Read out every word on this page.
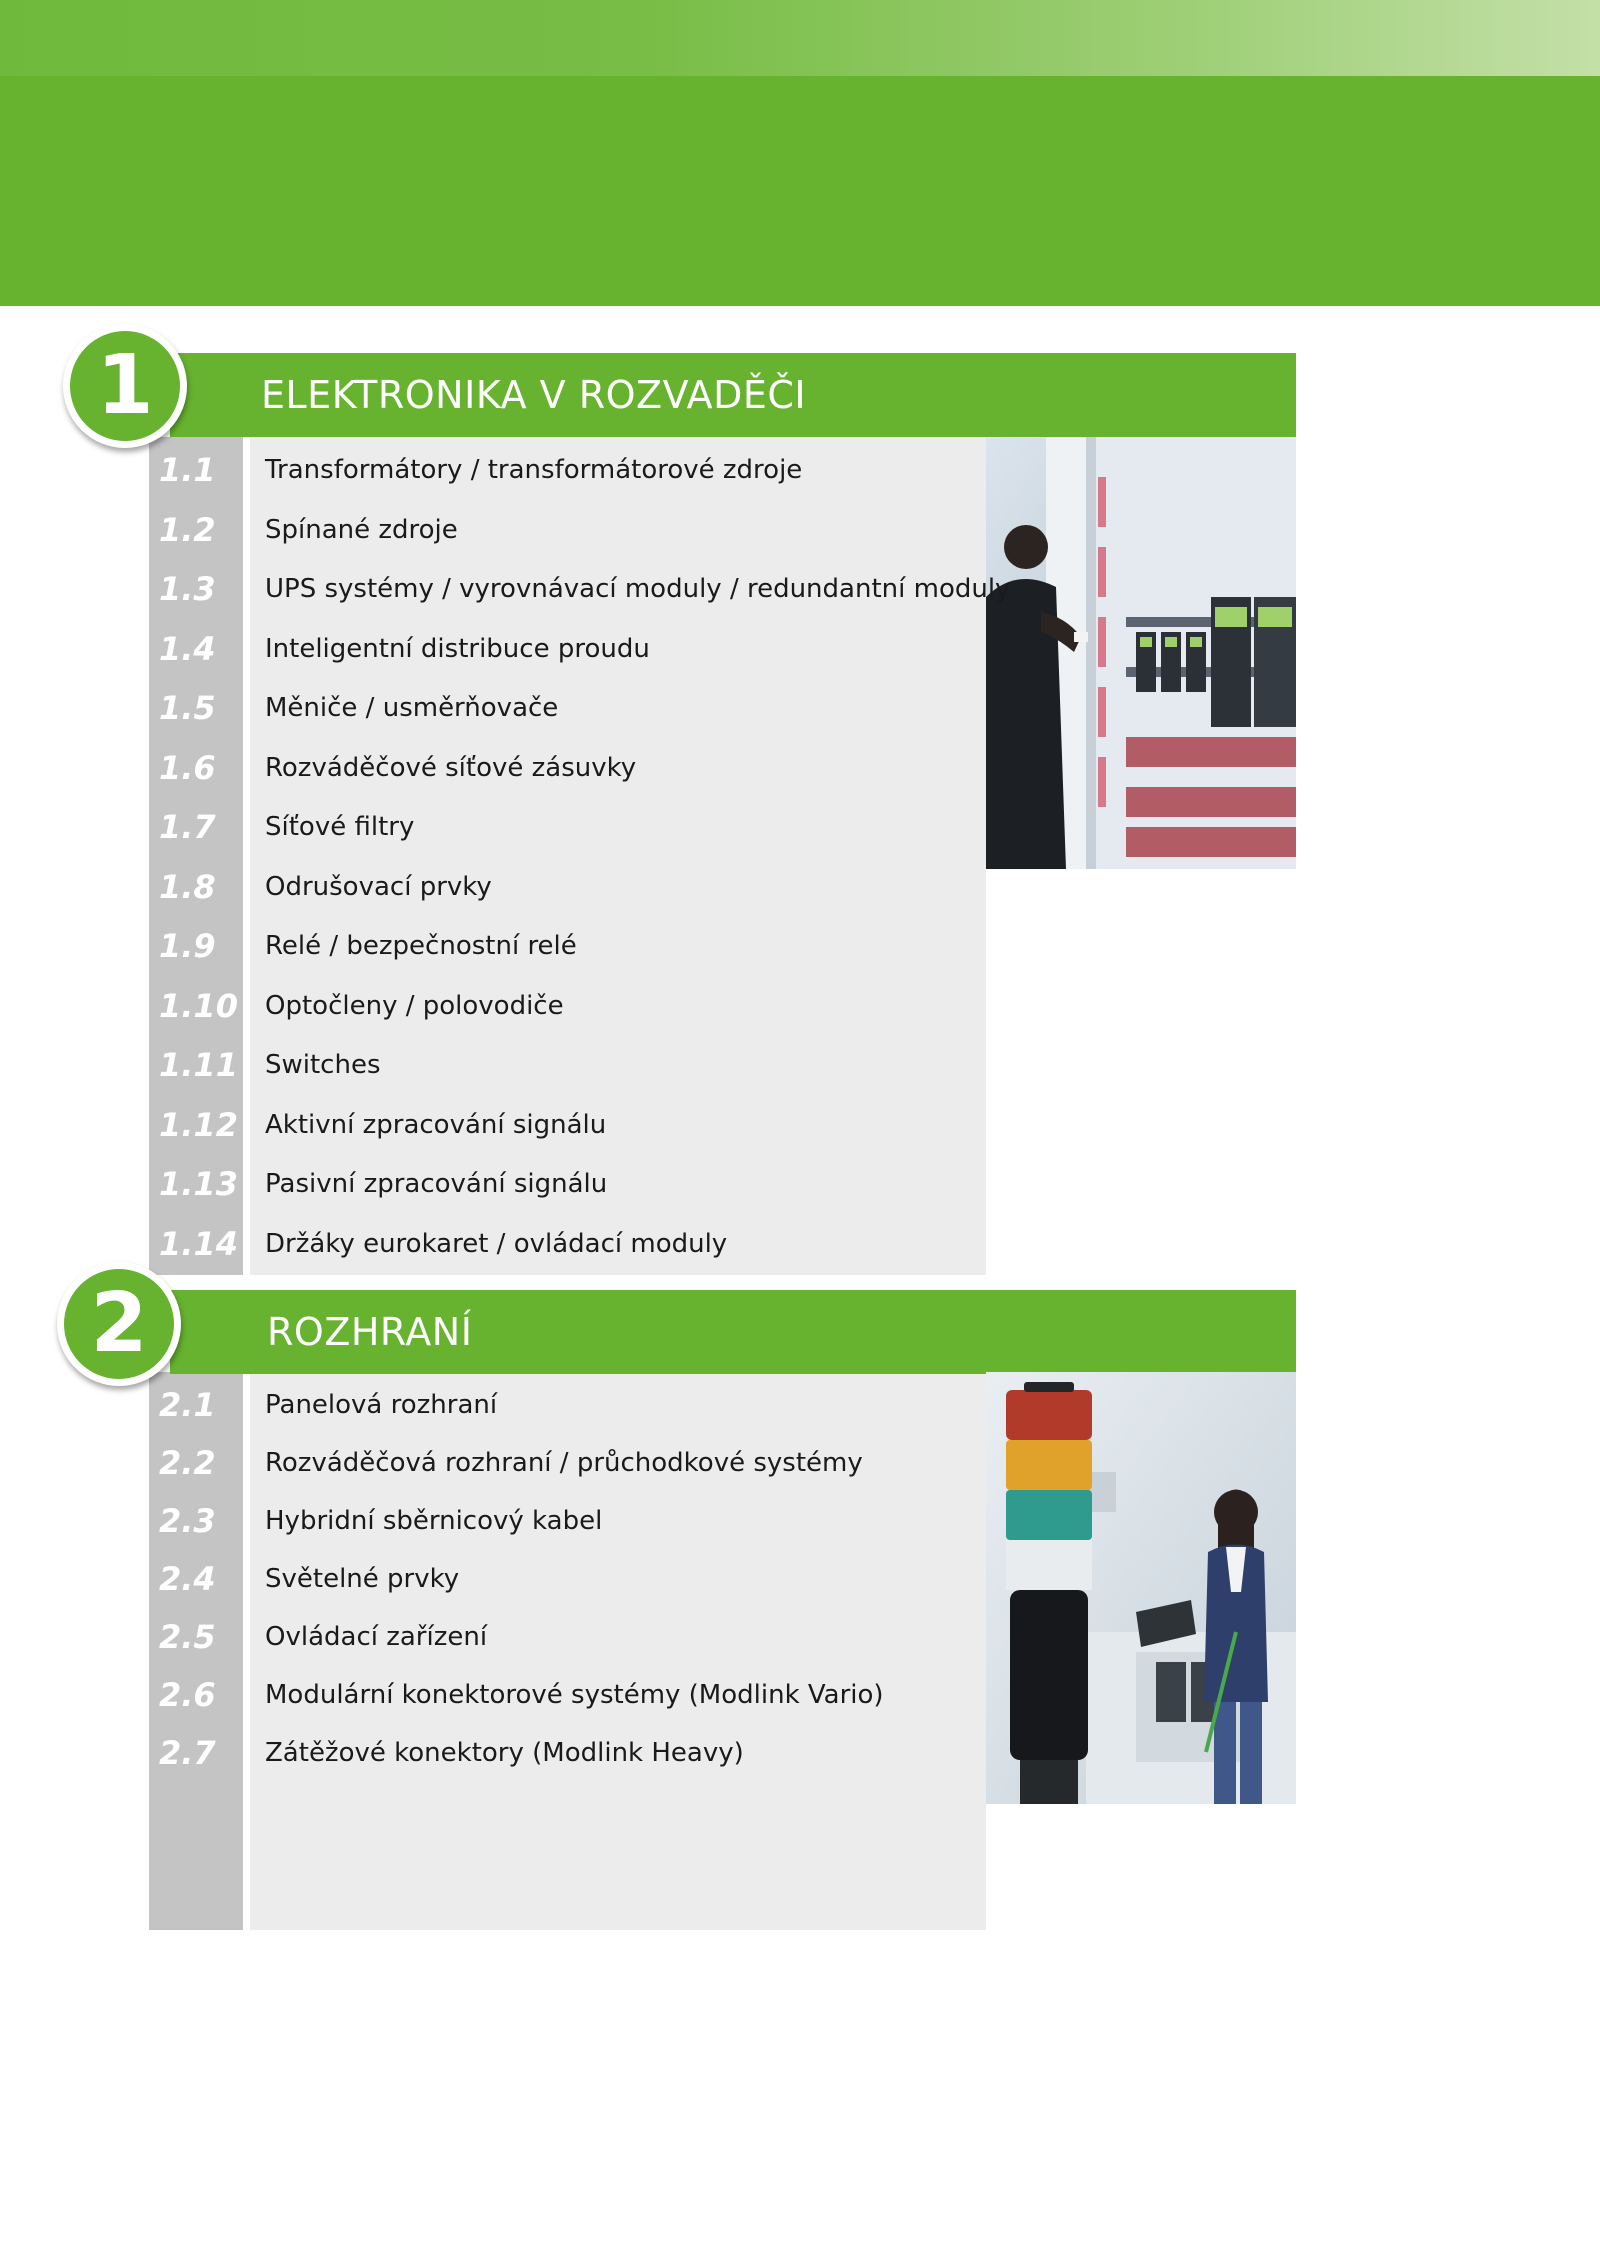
ELEKTRONIKA V ROZVADĚČI
1
1.1	Transformátory / transformátorové zdroje
1.2	Spínané zdroje
1.3	UPS systémy / vyrovnávací moduly / redundantní moduly
1.4	Inteligentní distribuce proudu
1.5	Měniče / usměrňovače
1.6	Rozváděčové síťové zásuvky
1.7	Síťové filtry
1.8	Odrušovací prvky
1.9	Relé / bezpečnostní relé
1.10 Optočleny / polovodiče
1.11 Switches
1.12 Aktivní zpracování signálu
1.13 Pasivní zpracování signálu
1.14 Držáky eurokaret / ovládací moduly
ROZHRANÍ
2
2.1	Panelová rozhraní
2.2	Rozváděčová rozhraní / průchodkové systémy
2.3	Hybridní sběrnicový kabel
2.4	Světelné prvky
2.5	Ovládací zařízení
2.6	Modulární konektorové systémy (Modlink Vario)
2.7	Zátěžové konektory (Modlink Heavy)
